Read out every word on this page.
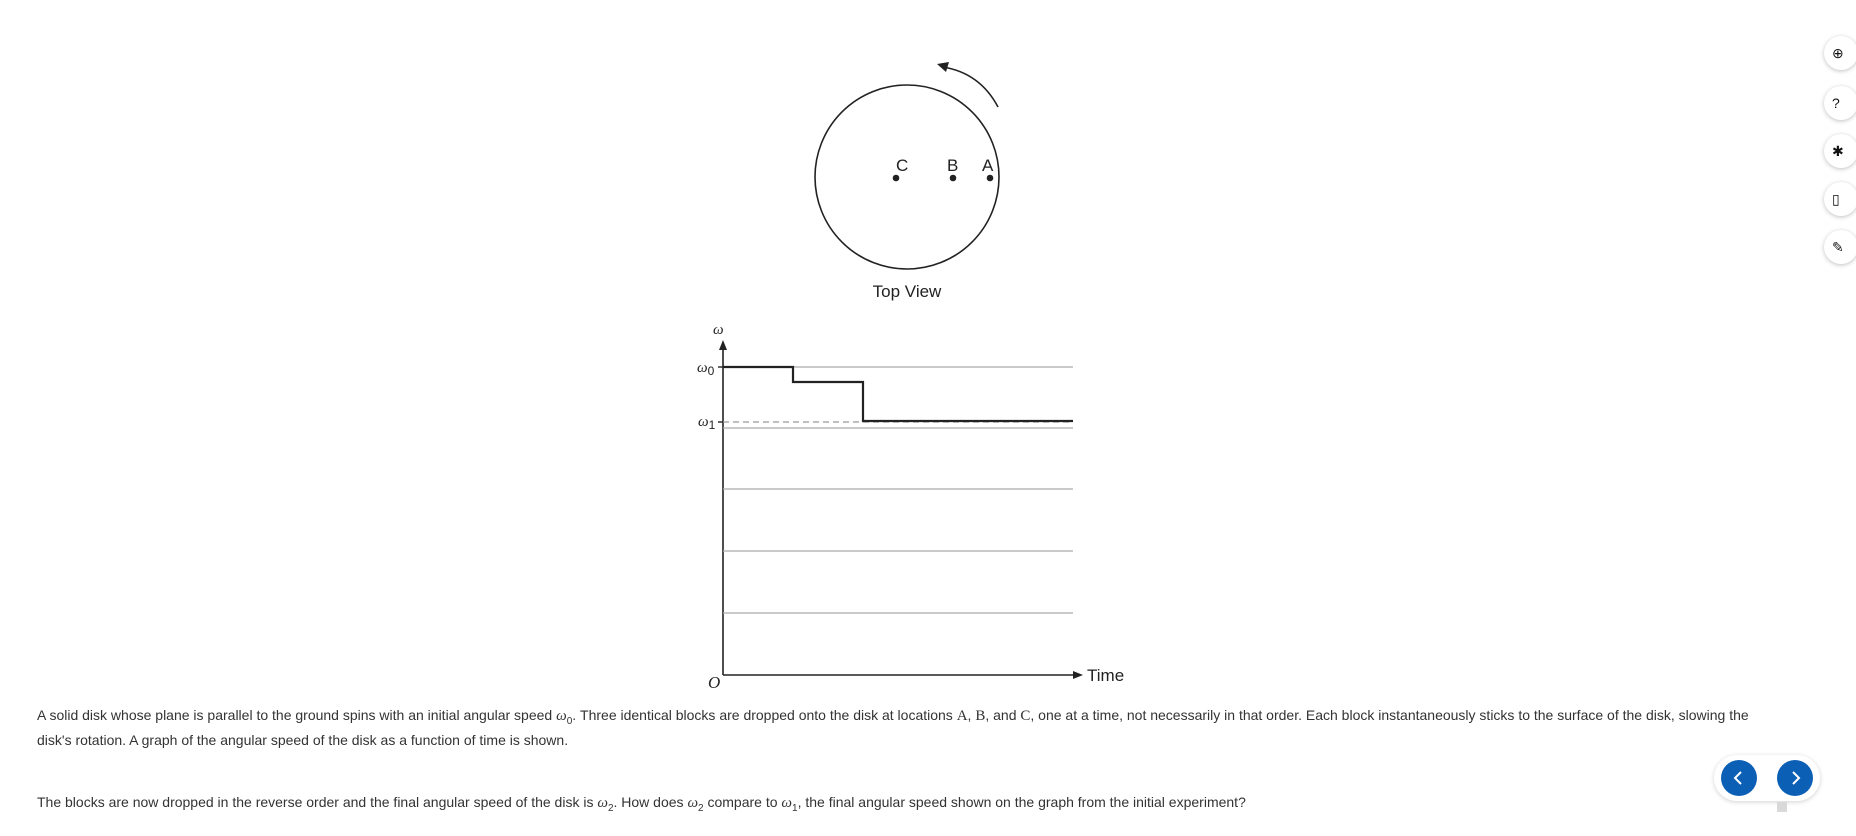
C B A
Top View
ω
Time
O
$\omega_0$
$\omega_1$
A solid disk whose plane is parallel to the ground spins with an initial angular speed $\omega_0$. Three identical blocks are dropped onto the disk at locations A, B, and C, one at a time, not necessarily in that order. Each block instantaneously sticks to the surface of the disk, slowing the disk's rotation. A graph of the angular speed of the disk as a function of time is shown.
The blocks are now dropped in the reverse order and the final angular speed of the disk is $\omega_2$. How does $\omega_2$ compare to $\omega_1$, the final angular speed shown on the graph from the initial experiment?
⊕
?
✱
▯
✎
